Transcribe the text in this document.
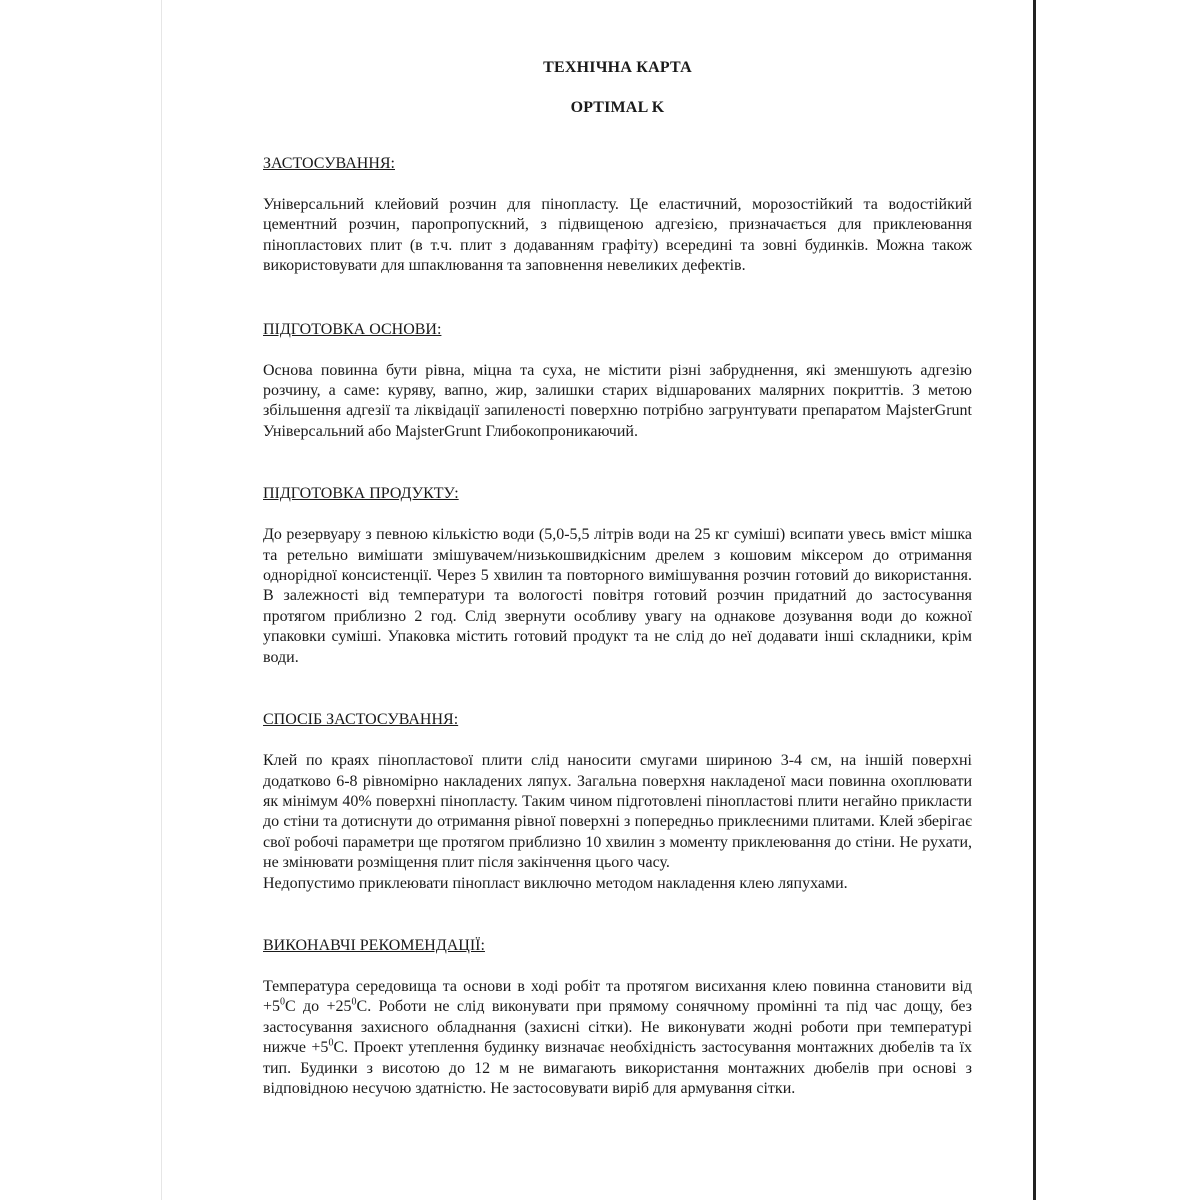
ТЕХНІЧНА КАРТА
OPTIMAL K
ЗАСТОСУВАННЯ:

Універсальний клейовий розчин для пінопласту. Це еластичний, морозостійкий та водостійкий цементний розчин, паропропускний, з підвищеною адгезією, призначається для приклеювання пінопластових плит (в т.ч. плит з додаванням графіту) всередині та зовні будинків. Можна також використовувати для шпаклювання та заповнення невеликих дефектів.

ПІДГОТОВКА ОСНОВИ:

Основа повинна бути рівна, міцна та суха, не містити різні забруднення, які зменшують адгезію розчину, а саме: куряву, вапно, жир, залишки старих відшарованих малярних покриттів. З метою збільшення адгезії та ліквідації запиленості поверхню потрібно загрунтувати препаратом MajsterGrunt Універсальний або MajsterGrunt Глибокопроникаючий.

ПІДГОТОВКА ПРОДУКТУ:

До резервуару з певною кількістю води (5,0-5,5 літрів води на 25 кг суміші) всипати увесь вміст мішка та ретельно вимішати змішувачем/низькошвидкісним дрелем з кошовим міксером до отримання однорідної консистенції. Через 5 хвилин та повторного вимішування розчин готовий до використання. В залежності від температури та вологості повітря готовий розчин придатний до застосування протягом приблизно 2 год. Слід звернути особливу увагу на однакове дозування води до кожної упаковки суміші. Упаковка містить готовий продукт та не слід до неї додавати інші складники, крім води.

СПОСІБ ЗАСТОСУВАННЯ:

Клей по краях пінопластової плити слід наносити смугами шириною 3-4 см, на іншій поверхні додатково 6-8 рівномірно накладених ляпух. Загальна поверхня накладеної маси повинна охоплювати як мінімум 40% поверхні пінопласту. Таким чином підготовлені пінопластові плити негайно прикласти до стіни та дотиснути до отримання рівної поверхні з попередньо приклеєними плитами. Клей зберігає свої робочі параметри ще протягом приблизно 10 хвилин з моменту приклеювання до стіни. Не рухати, не змінювати розміщення плит після закінчення цього часу.

Недопустимо приклеювати пінопласт виключно методом накладення клею ляпухами.

ВИКОНАВЧІ РЕКОМЕНДАЦІЇ:

Температура середовища та основи в ході робіт та протягом висихання клею повинна становити від $+5^0C$ до $+25^0C$. Роботи не слід виконувати при прямому сонячному промінні та під час дощу, без застосування захисного обладнання (захисні сітки). Не виконувати жодні роботи при температурі нижче $+5^0C$. Проект утеплення будинку визначає необхідність застосування монтажних дюбелів та їх тип. Будинки з висотою до 12 м не вимагають використання монтажних дюбелів при основі з відповідною несучою здатністю. Не застосовувати виріб для армування сітки.
